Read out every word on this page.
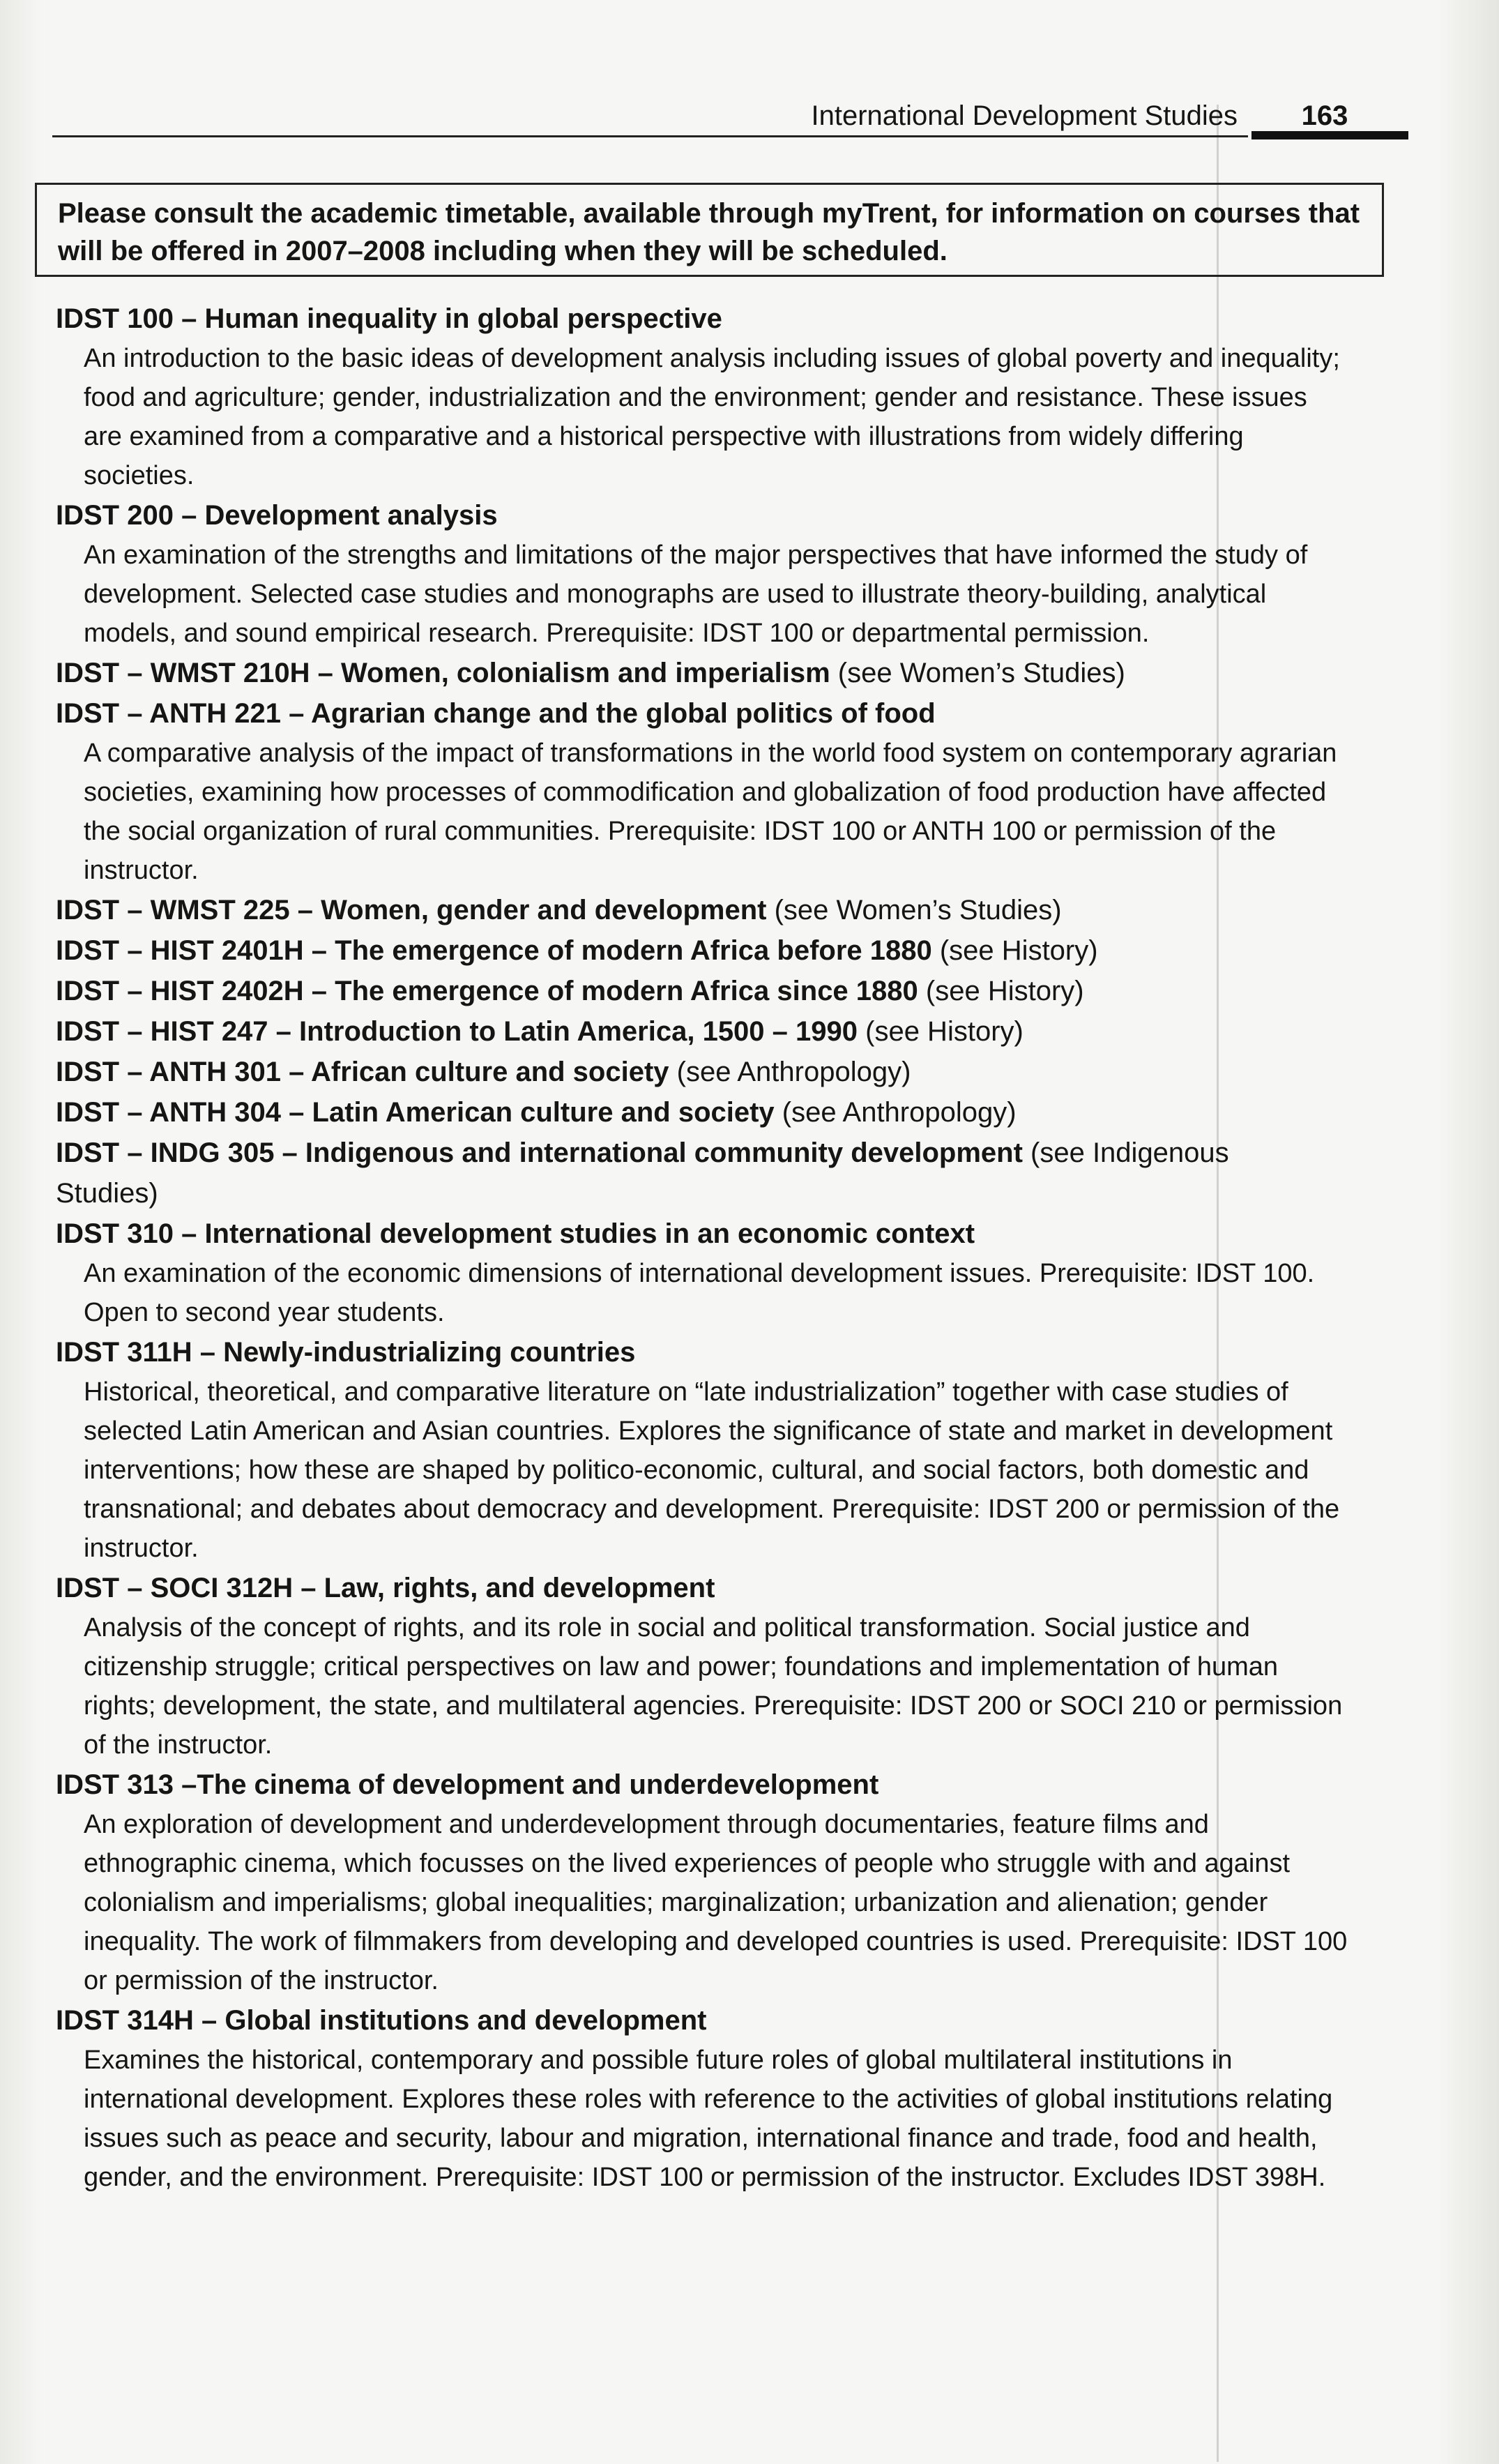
International Development Studies	163
Please consult the academic timetable, available through myTrent, for information on courses that will be offered in 2007–2008 including when they will be scheduled.
IDST 100 – Human inequality in global perspective
An introduction to the basic ideas of development analysis including issues of global poverty and inequality; food and agriculture; gender, industrialization and the environment; gender and resistance. These issues are examined from a comparative and a historical perspective with illustrations from widely differing societies.
IDST 200 – Development analysis
An examination of the strengths and limitations of the major perspectives that have informed the study of development. Selected case studies and monographs are used to illustrate theory-building, analytical models, and sound empirical research. Prerequisite: IDST 100 or departmental permission.
IDST – WMST 210H – Women, colonialism and imperialism (see Women’s Studies)
IDST – ANTH 221 – Agrarian change and the global politics of food
A comparative analysis of the impact of transformations in the world food system on contemporary agrarian societies, examining how processes of commodification and globalization of food production have affected the social organization of rural communities. Prerequisite: IDST 100 or ANTH 100 or permission of the instructor.
IDST – WMST 225 – Women, gender and development (see Women’s Studies)
IDST – HIST 2401H – The emergence of modern Africa before 1880 (see History)
IDST – HIST 2402H – The emergence of modern Africa since 1880 (see History)
IDST – HIST 247 – Introduction to Latin America, 1500 – 1990 (see History)
IDST – ANTH 301 – African culture and society (see Anthropology)
IDST – ANTH 304 – Latin American culture and society (see Anthropology)
IDST – INDG 305 – Indigenous and international community development (see Indigenous Studies)
IDST 310 – International development studies in an economic context
An examination of the economic dimensions of international development issues. Prerequisite: IDST 100. Open to second year students.
IDST 311H – Newly-industrializing countries
Historical, theoretical, and comparative literature on “late industrialization” together with case studies of selected Latin American and Asian countries. Explores the significance of state and market in development interventions; how these are shaped by politico-economic, cultural, and social factors, both domestic and transnational; and debates about democracy and development. Prerequisite: IDST 200 or permission of the instructor.
IDST – SOCI 312H – Law, rights, and development
Analysis of the concept of rights, and its role in social and political transformation. Social justice and citizenship struggle; critical perspectives on law and power; foundations and implementation of human rights; development, the state, and multilateral agencies. Prerequisite: IDST 200 or SOCI 210 or permission of the instructor.
IDST 313 –The cinema of development and underdevelopment
An exploration of development and underdevelopment through documentaries, feature films and ethnographic cinema, which focusses on the lived experiences of people who struggle with and against colonialism and imperialisms; global inequalities; marginalization; urbanization and alienation; gender inequality. The work of filmmakers from developing and developed countries is used. Prerequisite: IDST 100 or permission of the instructor.
IDST 314H – Global institutions and development
Examines the historical, contemporary and possible future roles of global multilateral institutions in international development. Explores these roles with reference to the activities of global institutions relating issues such as peace and security, labour and migration, international finance and trade, food and health, gender, and the environment. Prerequisite: IDST 100 or permission of the instructor. Excludes IDST 398H.
